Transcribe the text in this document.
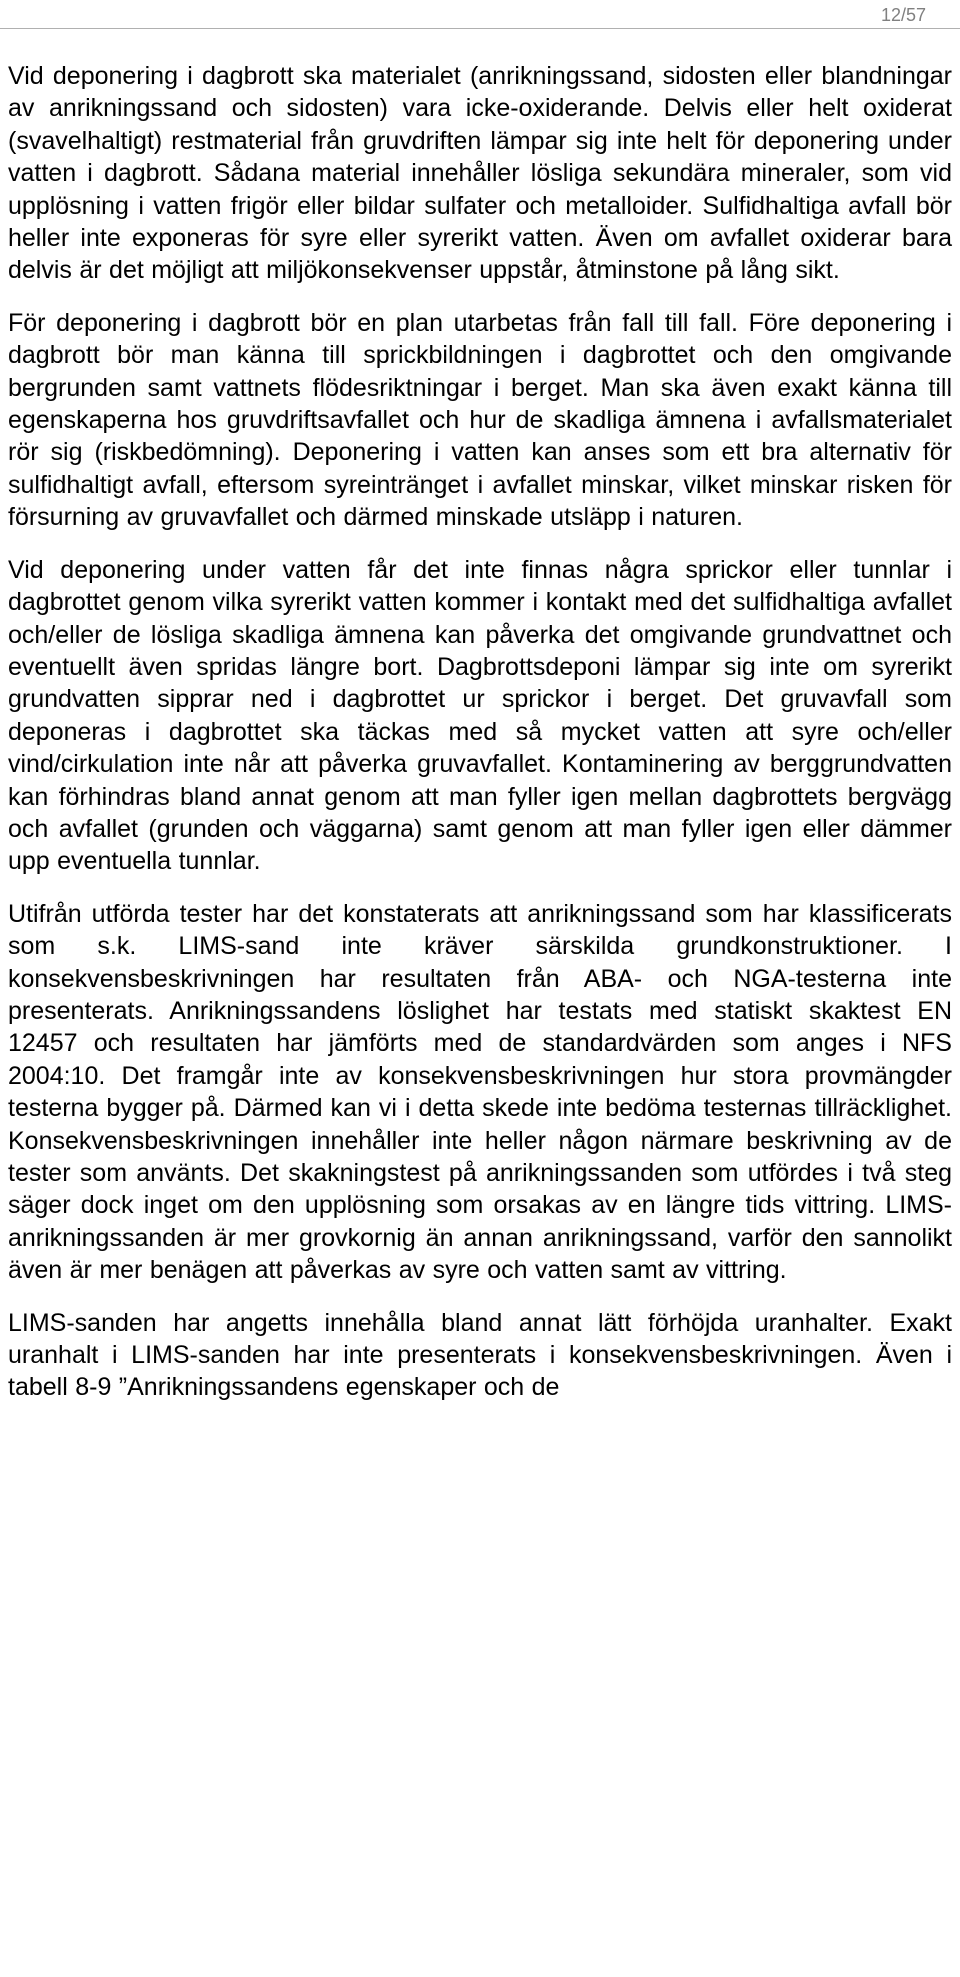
12/57

Vid deponering i dagbrott ska materialet (anrikningssand, sidosten eller blandningar av anrikningssand och sidosten) vara icke-oxiderande. Delvis eller helt oxiderat (svavelhaltigt) restmaterial från gruvdriften lämpar sig inte helt för deponering under vatten i dagbrott. Sådana material innehåller lösliga sekundära mineraler, som vid upplösning i vatten frigör eller bildar sulfater och metalloider. Sulfidhaltiga avfall bör heller inte exponeras för syre eller syrerikt vatten. Även om avfallet oxiderar bara delvis är det möjligt att miljökonsekvenser uppstår, åtminstone på lång sikt.

För deponering i dagbrott bör en plan utarbetas från fall till fall. Före deponering i dagbrott bör man känna till sprickbildningen i dagbrottet och den omgivande bergrunden samt vattnets flödesriktningar i berget. Man ska även exakt känna till egenskaperna hos gruvdriftsavfallet och hur de skadliga ämnena i avfallsmaterialet rör sig (riskbedömning). Deponering i vatten kan anses som ett bra alternativ för sulfidhaltigt avfall, eftersom syreintränget i avfallet minskar, vilket minskar risken för försurning av gruvavfallet och därmed minskade utsläpp i naturen.

Vid deponering under vatten får det inte finnas några sprickor eller tunnlar i dagbrottet genom vilka syrerikt vatten kommer i kontakt med det sulfidhaltiga avfallet och/eller de lösliga skadliga ämnena kan påverka det omgivande grundvattnet och eventuellt även spridas längre bort. Dagbrottsdeponi lämpar sig inte om syrerikt grundvatten sipprar ned i dagbrottet ur sprickor i berget. Det gruvavfall som deponeras i dagbrottet ska täckas med så mycket vatten att syre och/eller vind/cirkulation inte når att påverka gruvavfallet. Kontaminering av berggrundvatten kan förhindras bland annat genom att man fyller igen mellan dagbrottets bergvägg och avfallet (grunden och väggarna) samt genom att man fyller igen eller dämmer upp eventuella tunnlar.

Utifrån utförda tester har det konstaterats att anrikningssand som har klassificerats som s.k. LIMS-sand inte kräver särskilda grundkonstruktioner. I konsekvensbeskrivningen har resultaten från ABA- och NGA-testerna inte presenterats. Anrikningssandens löslighet har testats med statiskt skaktest EN 12457 och resultaten har jämförts med de standardvärden som anges i NFS 2004:10. Det framgår inte av konsekvensbeskrivningen hur stora provmängder testerna bygger på. Därmed kan vi i detta skede inte bedöma testernas tillräcklighet. Konsekvensbeskrivningen innehåller inte heller någon närmare beskrivning av de tester som använts. Det skakningstest på anrikningssanden som utfördes i två steg säger dock inget om den upplösning som orsakas av en längre tids vittring. LIMS-anrikningssanden är mer grovkornig än annan anrikningssand, varför den sannolikt även är mer benägen att påverkas av syre och vatten samt av vittring.

LIMS-sanden har angetts innehålla bland annat lätt förhöjda uranhalter. Exakt uranhalt i LIMS-sanden har inte presenterats i konsekvensbeskrivningen. Även i tabell 8-9 ”Anrikningssandens egenskaper och de
